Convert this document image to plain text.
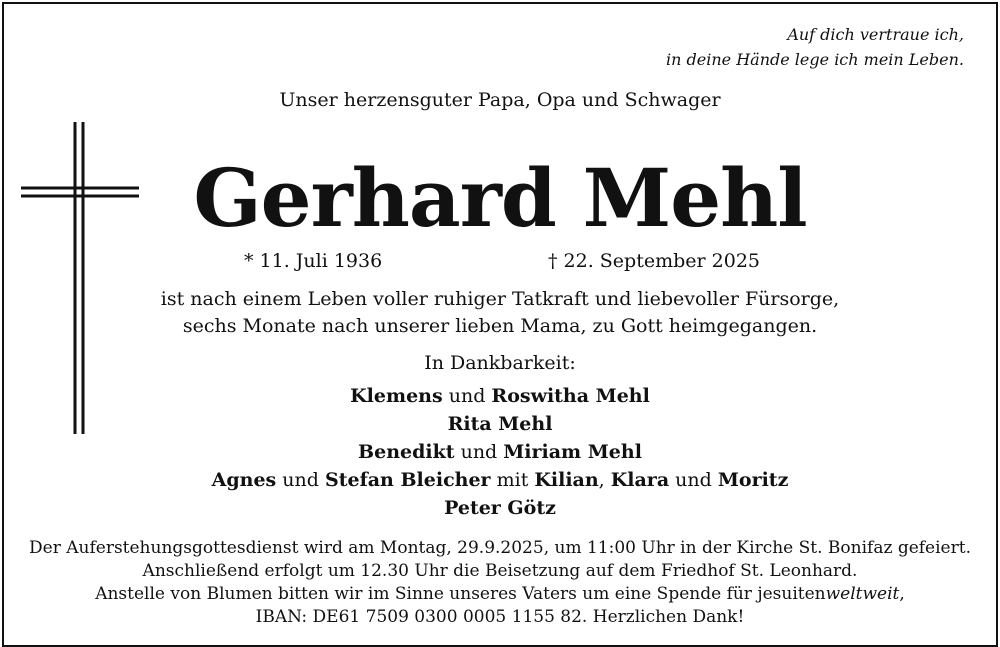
Auf dich vertraue ich,
in deine Hände lege ich mein Leben.
Unser herzensguter Papa, Opa und Schwager
Gerhard Mehl
* 11. Juli 1936	† 22. September 2025
ist nach einem Leben voller ruhiger Tatkraft und liebevoller Fürsorge,
sechs Monate nach unserer lieben Mama, zu Gott heimgegangen.
In Dankbarkeit:
Klemens und Roswitha Mehl
Rita Mehl
Benedikt und Miriam Mehl
Agnes und Stefan Bleicher mit Kilian, Klara und Moritz
Peter Götz
Der Auferstehungsgottesdienst wird am Montag, 29.9.2025, um 11:00 Uhr in der Kirche St. Bonifaz gefeiert.
Anschließend erfolgt um 12.30 Uhr die Beisetzung auf dem Friedhof St. Leonhard.
Anstelle von Blumen bitten wir im Sinne unseres Vaters um eine Spende für jesuitenweltweit,
IBAN: DE61 7509 0300 0005 1155 82. Herzlichen Dank!
